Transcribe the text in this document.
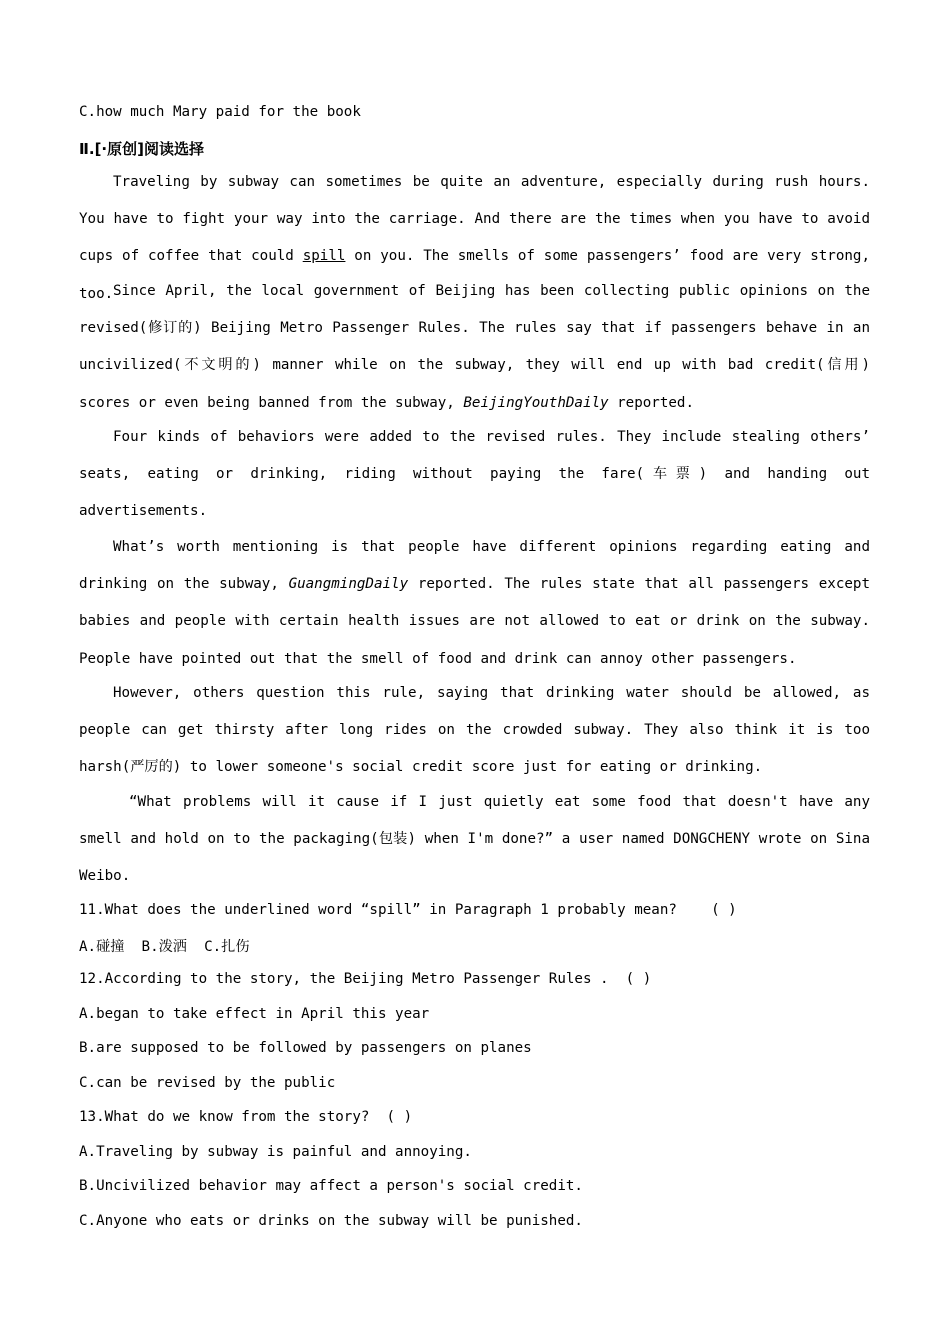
C.how much Mary paid for the book
Ⅱ.[·原创]阅读选择
Traveling by subway can sometimes be quite an adventure, especially during rush hours. You have to fight your way into the carriage. And there are the times when you have to avoid cups of coffee that could spill on you. The smells of some passengers’ food are very strong, too. Since April, the local government of Beijing has been collecting public opinions on the revised(修订的) Beijing Metro Passenger Rules. The rules say that if passengers behave in an uncivilized(不文明的) manner while on the subway, they will end up with bad credit(信用) scores or even being banned from the subway, BeijingYouthDaily reported.
Four kinds of behaviors were added to the revised rules. They include stealing others’ seats, eating or drinking, riding without paying the fare(车票) and handing out advertisements.
What’s worth mentioning is that people have different opinions regarding eating and drinking on the subway, GuangmingDaily reported. The rules state that all passengers except babies and people with certain health issues are not allowed to eat or drink on the subway. People have pointed out that the smell of food and drink can annoy other passengers.
However, others question this rule, saying that drinking water should be allowed, as people can get thirsty after long rides on the crowded subway. They also think it is too harsh(严厉的) to lower someone's social credit score just for eating or drinking.
“What problems will it cause if I just quietly eat some food that doesn't have any smell and hold on to the packaging(包装) when I'm done?” a user named DONGCHENY wrote on Sina Weibo.
11.What does the underlined word “spill” in Paragraph 1 probably mean?    ( )
A.碰撞  B.泼洒  C.扎伤
12.According to the story, the Beijing Metro Passenger Rules .  ( )
A.began to take effect in April this year
B.are supposed to be followed by passengers on planes
C.can be revised by the public
13.What do we know from the story?  ( )
A.Traveling by subway is painful and annoying.
B.Uncivilized behavior may affect a person's social credit.
C.Anyone who eats or drinks on the subway will be punished.
